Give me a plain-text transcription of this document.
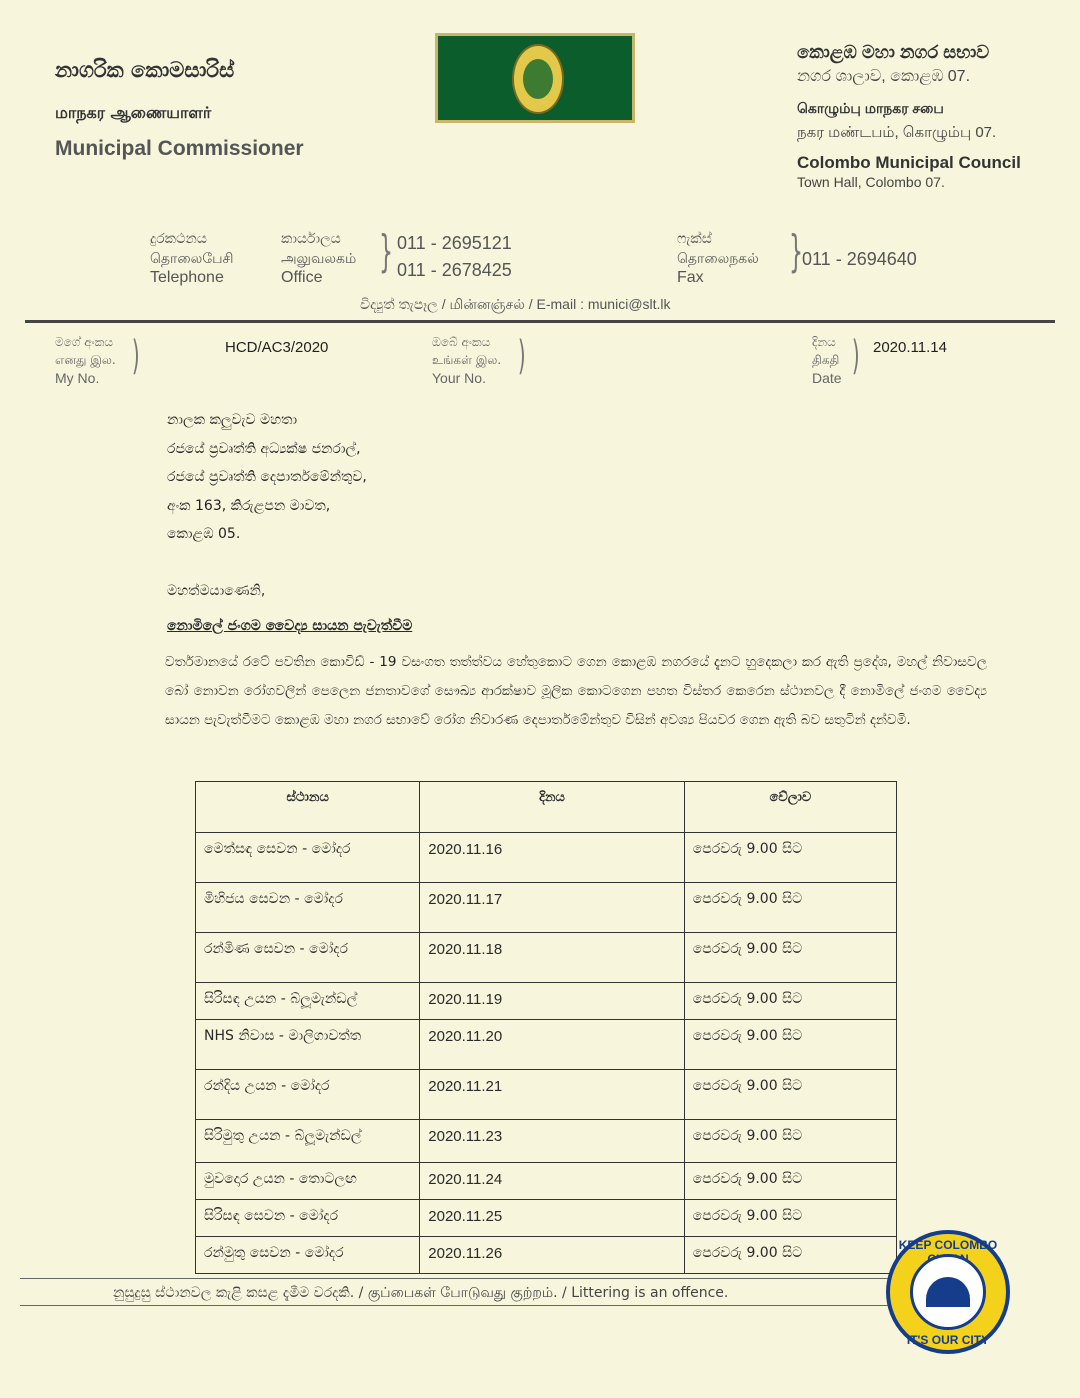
නාගරික කොමසාරිස්
மாநகர ஆணையாளர்
Municipal Commissioner
කොළඹ මහා නගර සභාව
නගර ශාලාව, කොළඹ 07.
கொழும்பு மாநகர சபை
நகர மண்டபம், கொழும்பு 07.
Colombo Municipal Council
Town Hall, Colombo 07.
දුරකථනය
தொலைபேசி
Telephone
කාර්යාලය
அலுவலகம்
Office
} 011 - 2695121
011 - 2678425
ෆැක්ස්
தொலைநகல்
Fax
} 011 - 2694640
විද්‍යුත් තැපෑල / மின்னஞ்சல் / E-mail : munici@slt.lk
මගේ අංකය
எனது இல.
My No. )	HCD/AC3/2020	ඔබේ අංකය
உங்கள் இல.
Your No. )	දිනය
திகதி
Date ) 2020.11.14
නාලක කලුවැව මහතා
රජයේ ප්‍රවෘත්ති අධ්‍යක්ෂ ජනරාල්,
රජයේ ප්‍රවෘත්ති දෙපාර්තමේන්තුව,
අංක 163, කිරුළපන මාවත,
කොළඹ 05.
මහත්මයාණෙනි,
නොමිලේ ජංගම වෛද්‍ය සායන පැවැත්වීම
වර්තමානයේ රටේ පවතින කොවිඩ් - 19 වසංගත තත්ත්වය හේතුකොට ගෙන කොළඹ නගරයේ දැනට හුදෙකලා කර ඇති ප්‍රදේශ, මහල් නිවාසවල බෝ නොවන රෝගවලින් පෙලෙන ජනතාවගේ සෞඛ්‍ය ආරක්ෂාව මූලික කොටගෙන පහත විස්තර කෙරෙන ස්ථානවල දී නොමිලේ ජංගම වෛද්‍ය සායන පැවැත්වීමට කොළඹ මහා නගර සභාවේ රෝග නිවාරණ දෙපාර්තමේන්තුව විසින් අවශ්‍ය පියවර ගෙන ඇති බව සතුටින් දන්වමි.
ස්ථානය	දිනය	වේලාව
මෙත්සඳ සෙවන - මෝදර	2020.11.16	පෙරවරු 9.00 සිට
මිහිජය සෙවන - මෝදර	2020.11.17	පෙරවරු 9.00 සිට
රන්මිණ සෙවන - මෝදර	2020.11.18	පෙරවරු 9.00 සිට
සිරිසඳ උයන - බ්ලූමැන්ඩල්	2020.11.19	පෙරවරු 9.00 සිට
NHS නිවාස - මාලිගාවත්ත	2020.11.20	පෙරවරු 9.00 සිට
රන්දිය උයන - මෝදර	2020.11.21	පෙරවරු 9.00 සිට
සිරිමුතු උයන - බ්ලූමැන්ඩල්	2020.11.23	පෙරවරු 9.00 සිට
මුවදොර උයන - තොටලඟ	2020.11.24	පෙරවරු 9.00 සිට
සිරිසඳ සෙවන - මෝදර	2020.11.25	පෙරවරු 9.00 සිට
රන්මුතු සෙවන - මෝදර	2020.11.26	පෙරවරු 9.00 සිට
නුසුදුසු ස්ථානවල කැළි කසළ දැමීම වරදකි. / குப்பைகள் போடுவது குற்றம். / Littering is an offence.
KEEP COLOMBO
IT'S OUR CITY
